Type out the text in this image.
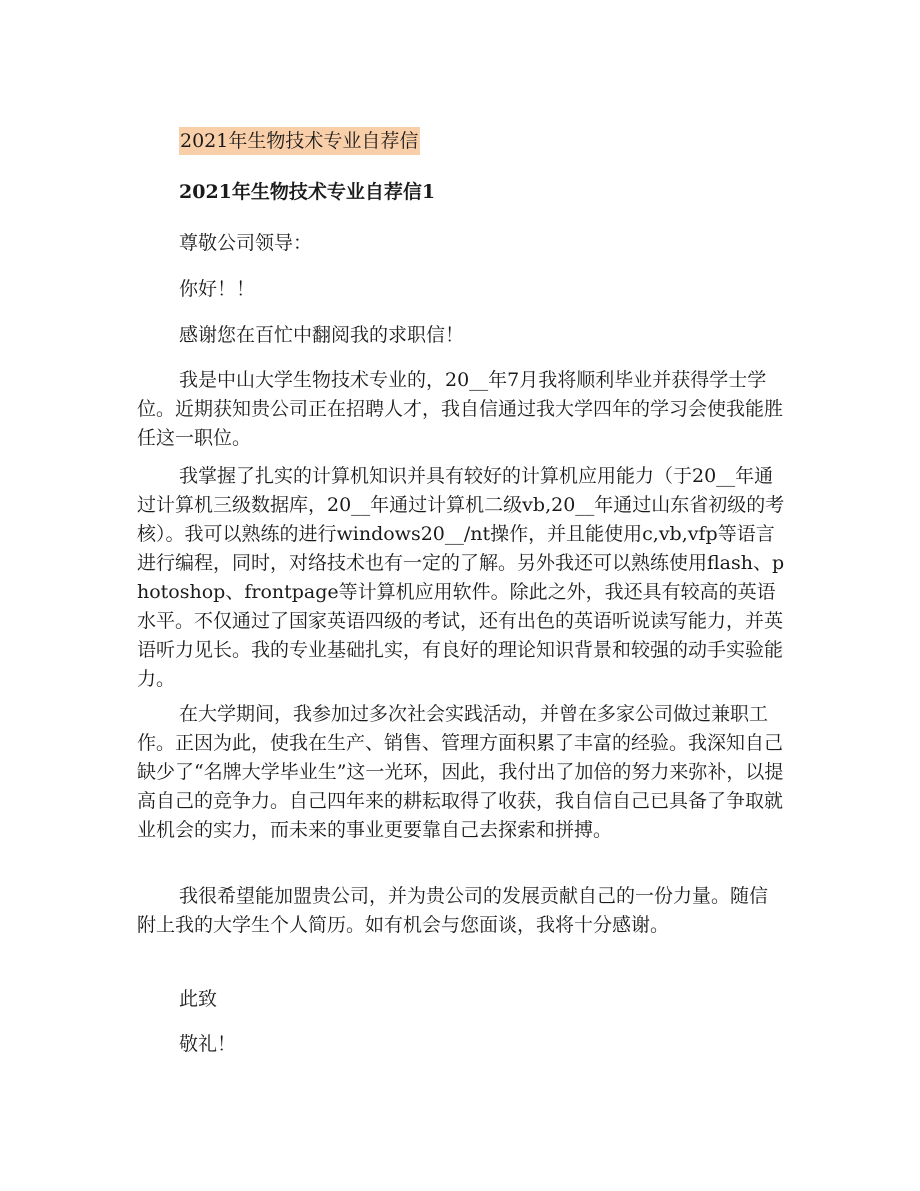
2021年生物技术专业自荐信
2021年生物技术专业自荐信1
尊敬公司领导：
你好！！
感谢您在百忙中翻阅我的求职信！

我是中山大学生物技术专业的，20__年7月我将顺利毕业并获得学士学位。近期获知贵公司正在招聘人才，我自信通过我大学四年的学习会使我能胜任这一职位。

我掌握了扎实的计算机知识并具有较好的计算机应用能力（于20__年通过计算机三级数据库，20__年通过计算机二级vb,20__年通过山东省初级的考核）。我可以熟练的进行windows20__/nt操作，并且能使用c,vb,vfp等语言进行编程，同时，对络技术也有一定的了解。另外我还可以熟练使用flash、photoshop、frontpage等计算机应用软件。除此之外，我还具有较高的英语水平。不仅通过了国家英语四级的考试，还有出色的英语听说读写能力，并英语听力见长。我的专业基础扎实，有良好的理论知识背景和较强的动手实验能力。

在大学期间，我参加过多次社会实践活动，并曾在多家公司做过兼职工作。正因为此，使我在生产、销售、管理方面积累了丰富的经验。我深知自己缺少了“名牌大学毕业生”这一光环，因此，我付出了加倍的努力来弥补，以提高自己的竞争力。自己四年来的耕耘取得了收获，我自信自己已具备了争取就业机会的实力，而未来的事业更要靠自己去探索和拼搏。

我很希望能加盟贵公司，并为贵公司的发展贡献自己的一份力量。随信附上我的大学生个人简历。如有机会与您面谈，我将十分感谢。

此致
敬礼！
